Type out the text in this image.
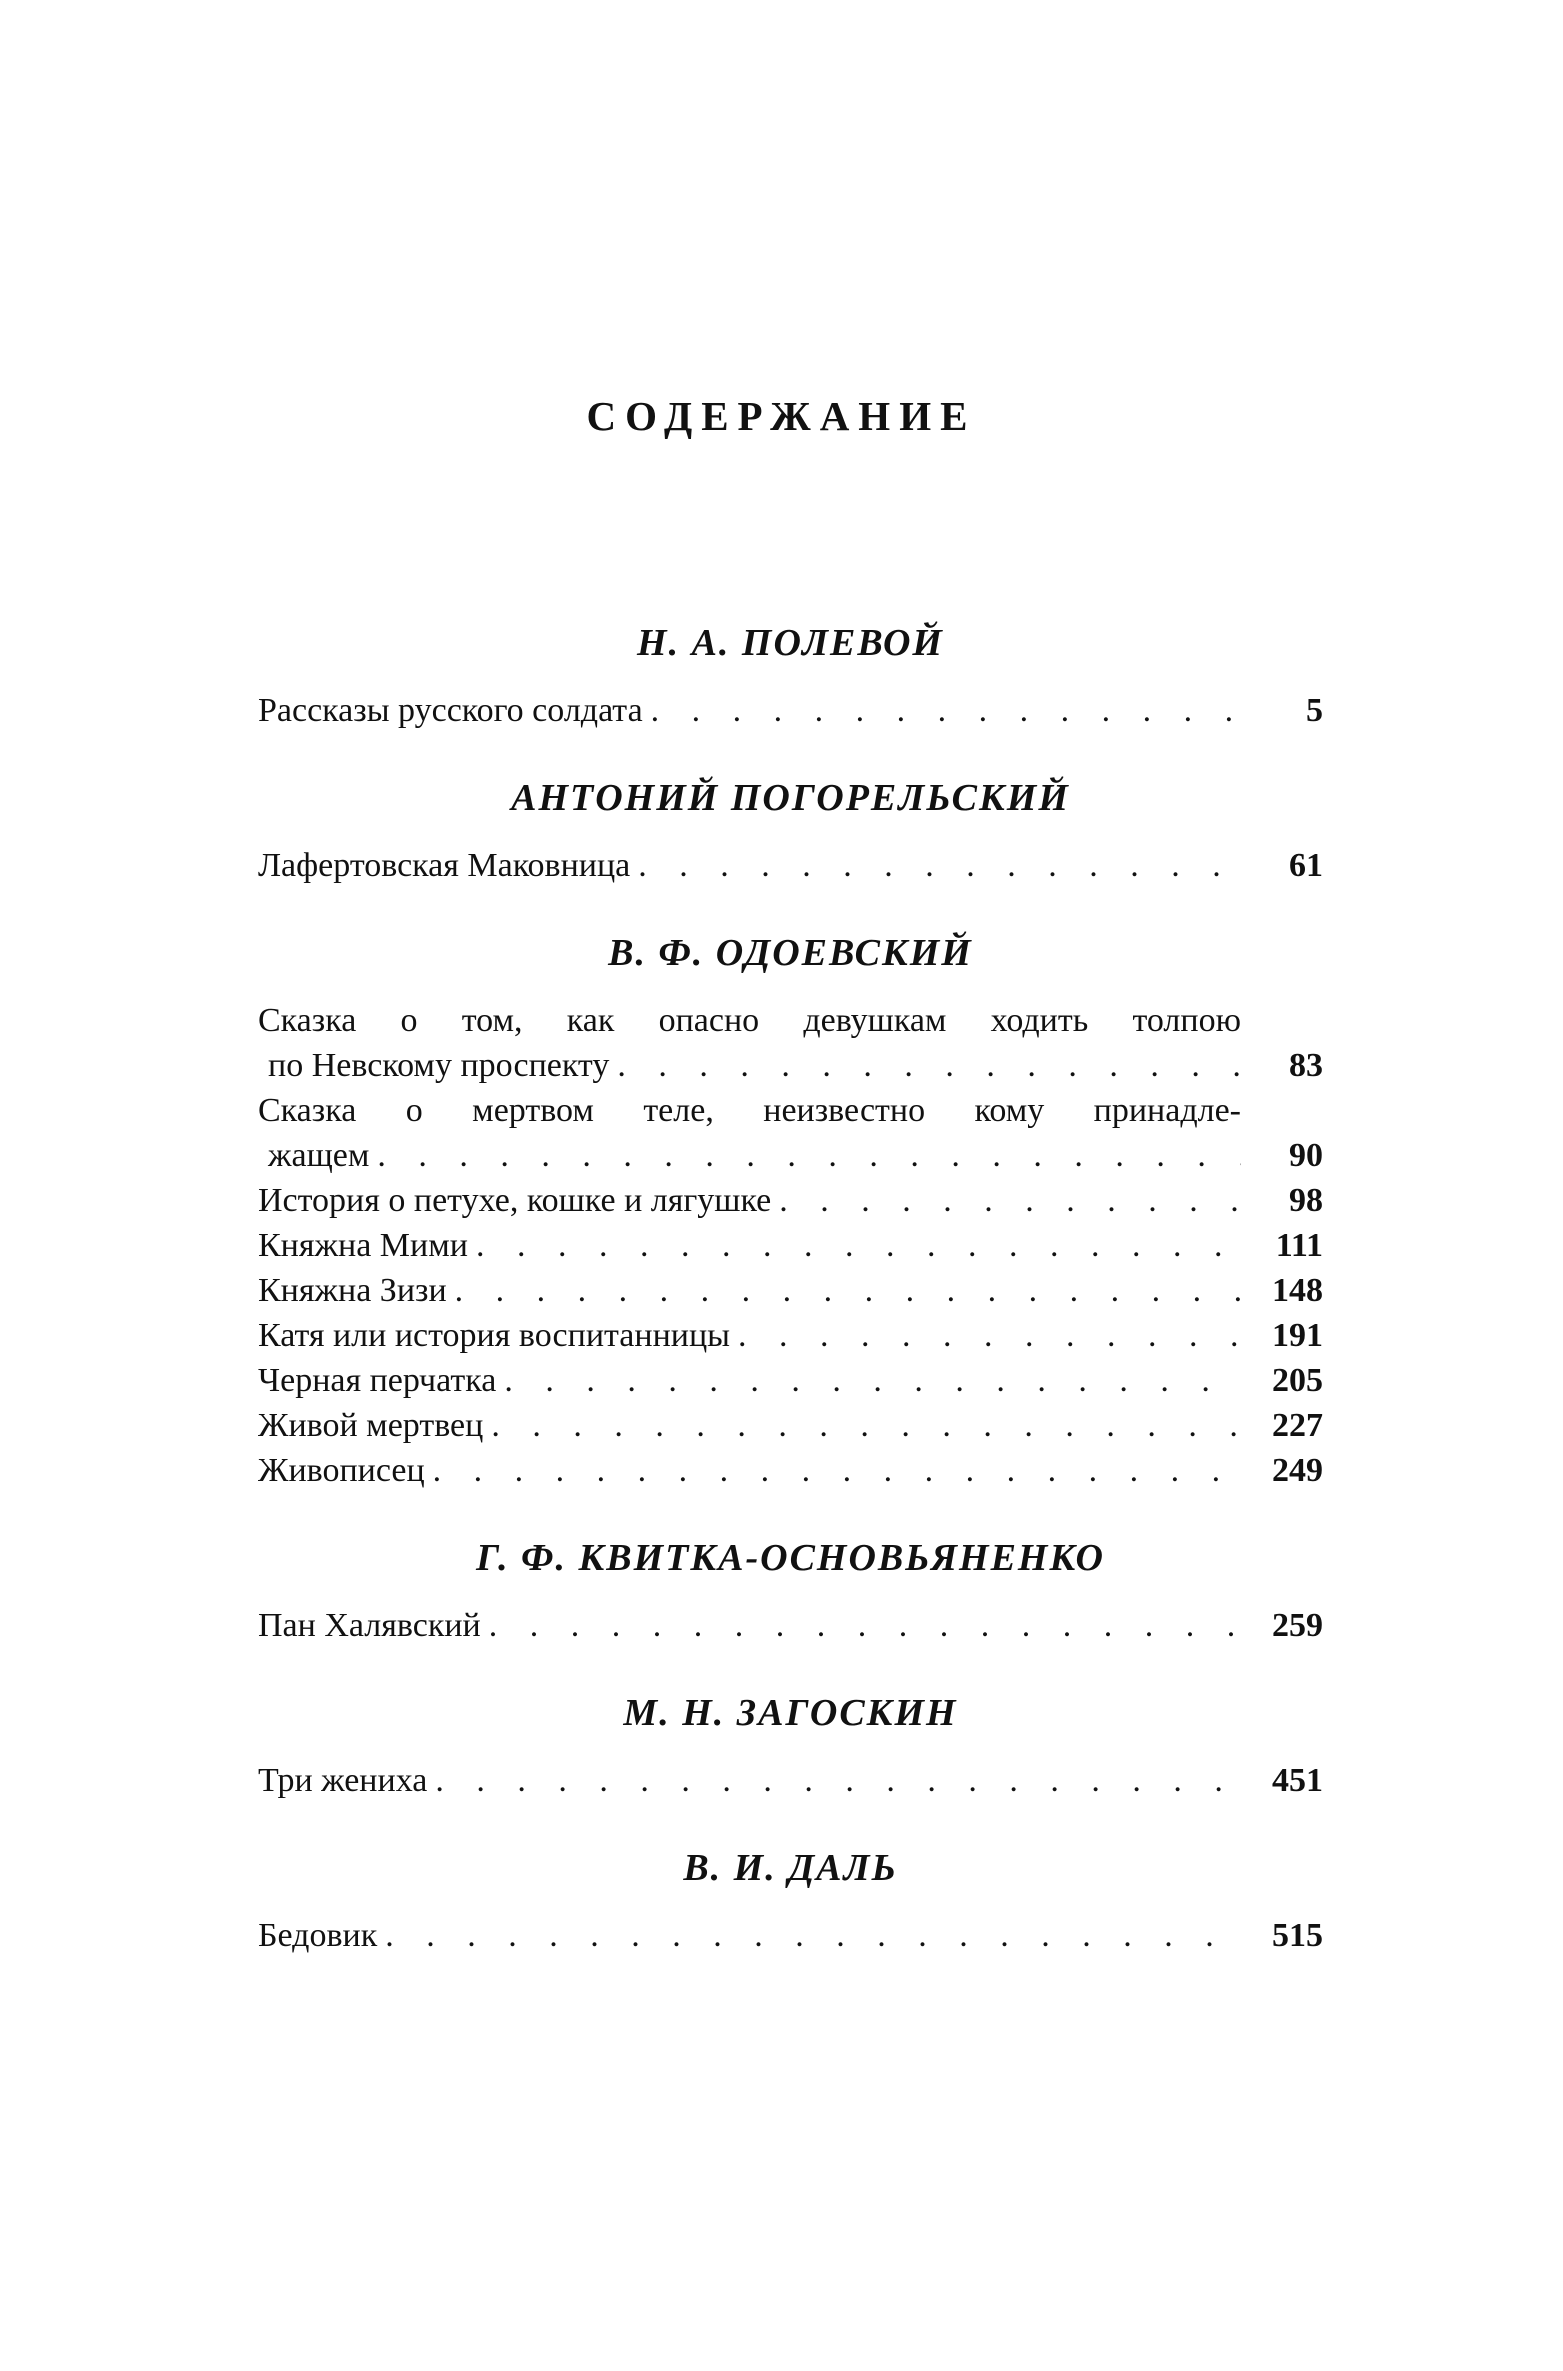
СОДЕРЖАНИЕ
Н. А. ПОЛЕВОЙ
Рассказы русского солдата . . .	5
АНТОНИЙ ПОГОРЕЛЬСКИЙ
Лафертовская Маковница . . .	61
В. Ф. ОДОЕВСКИЙ
Сказка о том, как опасно девушкам ходить толпою
по Невскому проспекту . . .	83
Сказка о мертвом теле, неизвестно кому принадле-
жащем . . .	90
История о петухе, кошке и лягушке . . .	98
Княжна Мими . . .	111
Княжна Зизи . . .	148
Катя или история воспитанницы . . .	191
Черная перчатка . . .	205
Живой мертвец . . .	227
Живописец . . .	249
Г. Ф. КВИТКА-ОСНОВЬЯНЕНКО
Пан Халявский . . .	259
М. Н. ЗАГОСКИН
Три жениха . . .	451
В. И. ДАЛЬ
Бедовик . . .	515
